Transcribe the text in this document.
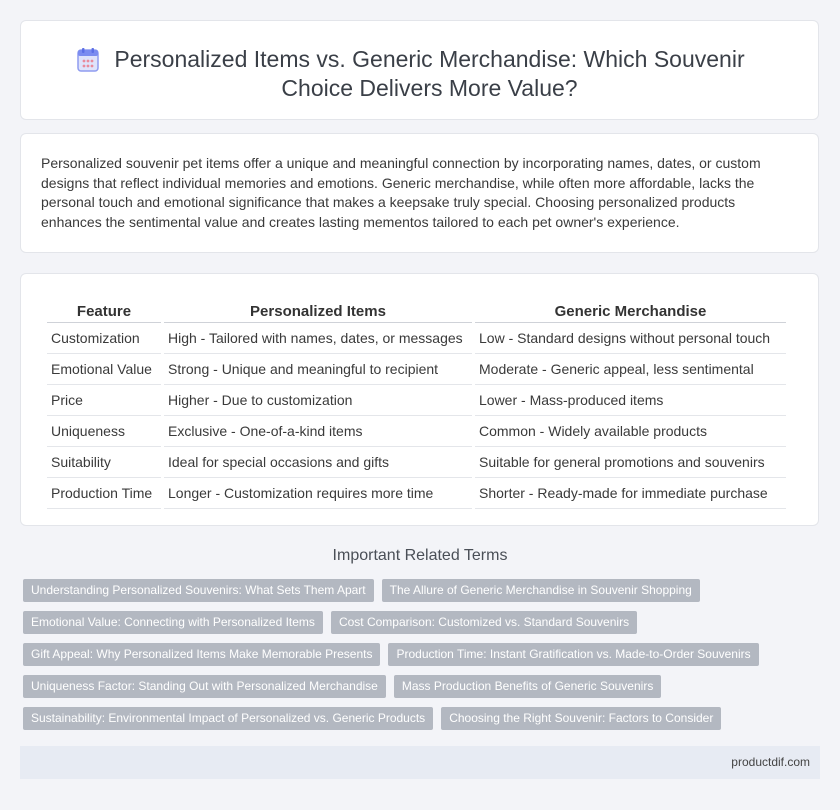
Personalized Items vs. Generic Merchandise: Which Souvenir Choice Delivers More Value?

Personalized souvenir pet items offer a unique and meaningful connection by incorporating names, dates, or custom designs that reflect individual memories and emotions. Generic merchandise, while often more affordable, lacks the personal touch and emotional significance that makes a keepsake truly special. Choosing personalized products enhances the sentimental value and creates lasting mementos tailored to each pet owner's experience.

Feature	Personalized Items	Generic Merchandise
Customization	High - Tailored with names, dates, or messages	Low - Standard designs without personal touch
Emotional Value	Strong - Unique and meaningful to recipient	Moderate - Generic appeal, less sentimental
Price	Higher - Due to customization	Lower - Mass-produced items
Uniqueness	Exclusive - One-of-a-kind items	Common - Widely available products
Suitability	Ideal for special occasions and gifts	Suitable for general promotions and souvenirs
Production Time	Longer - Customization requires more time	Shorter - Ready-made for immediate purchase
Important Related Terms
Understanding Personalized Souvenirs: What Sets Them Apart	The Allure of Generic Merchandise in Souvenir Shopping
Emotional Value: Connecting with Personalized Items	Cost Comparison: Customized vs. Standard Souvenirs
Gift Appeal: Why Personalized Items Make Memorable Presents	Production Time: Instant Gratification vs. Made-to-Order Souvenirs
Uniqueness Factor: Standing Out with Personalized Merchandise	Mass Production Benefits of Generic Souvenirs
Sustainability: Environmental Impact of Personalized vs. Generic Products	Choosing the Right Souvenir: Factors to Consider
productdif.com
